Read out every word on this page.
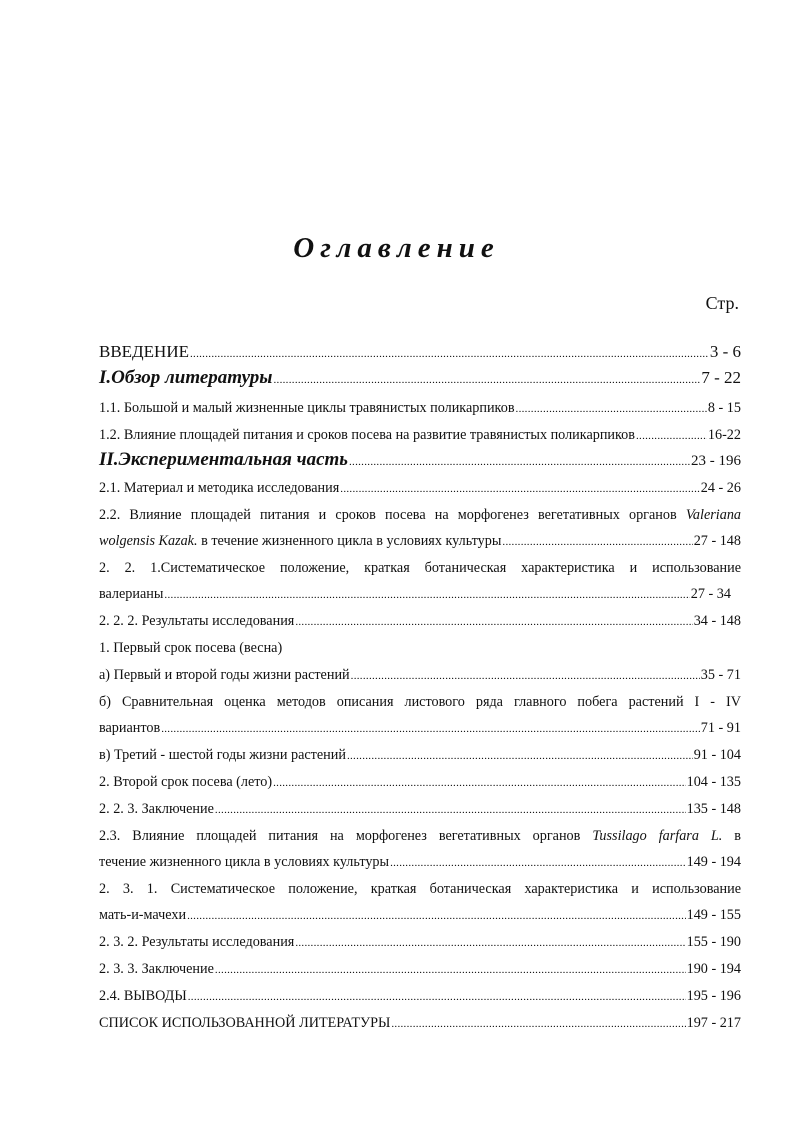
Оглавление
Стр.
ВВЕДЕНИЕ .....	3 - 6
I.Обзор литературы .....	7 - 22
1.1. Большой и малый жизненные циклы травянистых поликарпиков .....	8 - 15
1.2. Влияние площадей питания и сроков посева на развитие травянистых поликарпиков .....	16-22
II.Экспериментальная часть .....	23 - 196
2.1. Материал и методика исследования .....	24 - 26
2.2. Влияние площадей питания и сроков посева на морфогенез вегетативных органов Valeriana
wolgensis Kazak. в течение жизненного цикла в условиях культуры .....	27 - 148
2. 2. 1.Систематическое положение, краткая ботаническая характеристика и использование
валерианы .....	27 - 34
2. 2. 2. Результаты исследования .....	34 - 148
1. Первый срок посева (весна)
а) Первый и второй годы жизни растений .....	35 - 71
б) Сравнительная оценка методов описания листового ряда главного побега растений I - IV
вариантов .....	71 - 91
в) Третий - шестой годы жизни растений .....	91 - 104
2. Второй срок посева (лето) .....	104 - 135
2. 2. 3. Заключение .....	135 - 148
2.3. Влияние площадей питания на морфогенез вегетативных органов Tussilago farfara L. в
течение жизненного цикла в условиях культуры .....	149 - 194
2. 3. 1. Систематическое положение, краткая ботаническая характеристика и использование
мать-и-мачехи .....	149 - 155
2. 3. 2. Результаты исследования .....	155 - 190
2. 3. 3. Заключение .....	190 - 194
2.4. ВЫВОДЫ .....	195 - 196
СПИСОК ИСПОЛЬЗОВАННОЙ ЛИТЕРАТУРЫ .....	197 - 217
